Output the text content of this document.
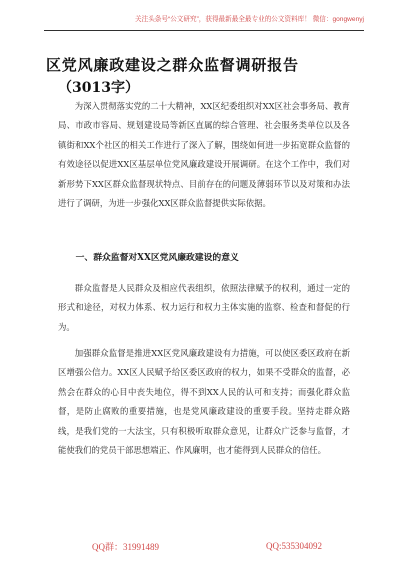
关注头条号“公文研究”，获得最新最全最专业的公文资料库！ 微信：gongwenyj
区党风廉政建设之群众监督调研报告
（3013字）

为深入贯彻落实党的二十大精神，XX区纪委组织对XX区社会事务局、教育局、市政市容局、规划建设局等新区直属的综合管理、社会服务类单位以及各镇街和XX个社区的相关工作进行了深入了解，围绕如何进一步拓宽群众监督的有效途径以促进XX区基层单位党风廉政建设开展调研。在这个工作中，我们对新形势下XX区群众监督现状特点、目前存在的问题及薄弱环节以及对策和办法进行了调研，为进一步强化XX区群众监督提供实际依据。

一、群众监督对XX区党风廉政建设的意义

群众监督是人民群众及相应代表组织，依照法律赋予的权利，通过一定的形式和途径，对权力体系、权力运行和权力主体实施的监察、检查和督促的行为。

加强群众监督是推进XX区党风廉政建设有力措施，可以使区委区政府在新区增强公信力。XX区人民赋予给区委区政府的权力，如果不受群众的监督，必然会在群众的心目中丧失地位，得不到XX人民的认可和支持；而强化群众监督，是防止腐败的重要措施，也是党风廉政建设的重要手段。坚持走群众路线，是我们党的一大法宝，只有积极听取群众意见，让群众广泛参与监督，才能使我们的党员干部思想端正、作风廉明，也才能得到人民群众的信任。

QQ群：31991489	QQ:535304092
